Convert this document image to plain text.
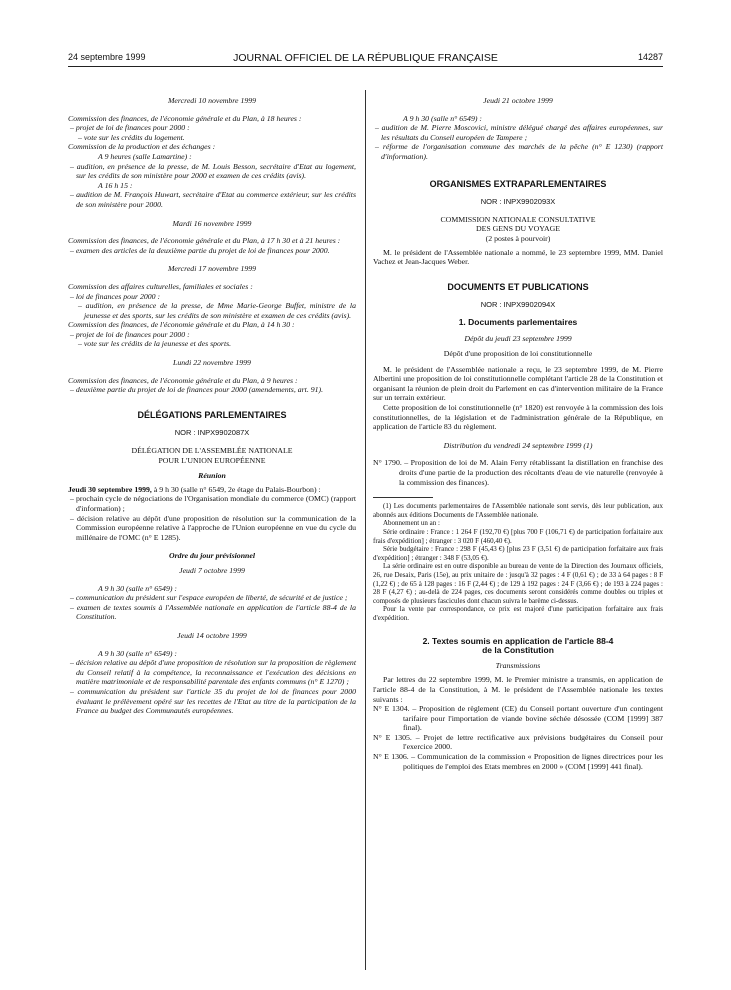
24 septembre 1999	JOURNAL OFFICIEL DE LA RÉPUBLIQUE FRANÇAISE	14287

Mercredi 10 novembre 1999

Commission des finances, de l'économie générale et du Plan, à 18 heures :

– projet de loi de finances pour 2000 :

– vote sur les crédits du logement.

Commission de la production et des échanges :

A 9 heures (salle Lamartine) :

– audition, en présence de la presse, de M. Louis Besson, secrétaire d'Etat au logement, sur les crédits de son ministère pour 2000 et examen de ces crédits (avis).

A 16 h 15 :

– audition de M. François Huwart, secrétaire d'Etat au commerce extérieur, sur les crédits de son ministère pour 2000.

Mardi 16 novembre 1999

Commission des finances, de l'économie générale et du Plan, à 17 h 30 et à 21 heures :

– examen des articles de la deuxième partie du projet de loi de finances pour 2000.

Mercredi 17 novembre 1999

Commission des affaires culturelles, familiales et sociales :

– loi de finances pour 2000 :

– audition, en présence de la presse, de Mme Marie-George Buffet, ministre de la jeunesse et des sports, sur les crédits de son ministère et examen de ces crédits (avis).

Commission des finances, de l'économie générale et du Plan, à 14 h 30 :

– projet de loi de finances pour 2000 :

– vote sur les crédits de la jeunesse et des sports.

Lundi 22 novembre 1999

Commission des finances, de l'économie générale et du Plan, à 9 heures :

– deuxième partie du projet de loi de finances pour 2000 (amendements, art. 91).

DÉLÉGATIONS PARLEMENTAIRES

NOR : INPX9902087X

DÉLÉGATION DE L'ASSEMBLÉE NATIONALE

POUR L'UNION EUROPÉENNE

Réunion

Jeudi 30 septembre 1999, à 9 h 30 (salle n° 6549, 2e étage du Palais-Bourbon) :

– prochain cycle de négociations de l'Organisation mondiale du commerce (OMC) (rapport d'information) ;

– décision relative au dépôt d'une proposition de résolution sur la communication de la Commission européenne relative à l'approche de l'Union européenne en vue du cycle du millénaire de l'OMC (n° E 1285).

Ordre du jour prévisionnel

Jeudi 7 octobre 1999

A 9 h 30 (salle n° 6549) :

– communication du président sur l'espace européen de liberté, de sécurité et de justice ;

– examen de textes soumis à l'Assemblée nationale en application de l'article 88-4 de la Constitution.

Jeudi 14 octobre 1999

A 9 h 30 (salle n° 6549) :

– décision relative au dépôt d'une proposition de résolution sur la proposition de règlement du Conseil relatif à la compétence, la reconnaissance et l'exécution des décisions en matière matrimoniale et de responsabilité parentale des enfants communs (n° E 1270) ;

– communication du président sur l'article 35 du projet de loi de finances pour 2000 évaluant le prélèvement opéré sur les recettes de l'Etat au titre de la participation de la France au budget des Communautés européennes.

Jeudi 21 octobre 1999

A 9 h 30 (salle n° 6549) :

– audition de M. Pierre Moscovici, ministre délégué chargé des affaires européennes, sur les résultats du Conseil européen de Tampere ;

– réforme de l'organisation commune des marchés de la pêche (n° E 1230) (rapport d'information).

ORGANISMES EXTRAPARLEMENTAIRES

NOR : INPX9902093X

COMMISSION NATIONALE CONSULTATIVE

DES GENS DU VOYAGE

(2 postes à pourvoir)

M. le président de l'Assemblée nationale a nommé, le 23 septembre 1999, MM. Daniel Vachez et Jean-Jacques Weber.

DOCUMENTS ET PUBLICATIONS

NOR : INPX9902094X

1. Documents parlementaires

Dépôt du jeudi 23 septembre 1999

Dépôt d'une proposition de loi constitutionnelle

M. le président de l'Assemblée nationale a reçu, le 23 septembre 1999, de M. Pierre Albertini une proposition de loi constitutionnelle complétant l'article 28 de la Constitution et organisant la réunion de plein droit du Parlement en cas d'intervention militaire de la France sur un terrain extérieur.

Cette proposition de loi constitutionnelle (n° 1820) est renvoyée à la commission des lois constitutionnelles, de la législation et de l'administration générale de la République, en application de l'article 83 du règlement.

Distribution du vendredi 24 septembre 1999 (1)

N° 1790. – Proposition de loi de M. Alain Ferry rétablissant la distillation en franchise des droits d'une partie de la production des récoltants d'eau de vie naturelle (renvoyée à la commission des finances).

(1) Les documents parlementaires de l'Assemblée nationale sont servis, dès leur publication, aux abonnés aux éditions Documents de l'Assemblée nationale.

Abonnement un an :

Série ordinaire : France : 1 264 F (192,70 €) [plus 700 F (106,71 €) de participation forfaitaire aux frais d'expédition] ; étranger : 3 020 F (460,40 €).

Série budgétaire : France : 298 F (45,43 €) [plus 23 F (3,51 €) de participation forfaitaire aux frais d'expédition] ; étranger : 348 F (53,05 €).

La série ordinaire est en outre disponible au bureau de vente de la Direction des Journaux officiels, 26, rue Desaix, Paris (15e), au prix unitaire de : jusqu'à 32 pages : 4 F (0,61 €) ; de 33 à 64 pages : 8 F (1,22 €) ; de 65 à 128 pages : 16 F (2,44 €) ; de 129 à 192 pages : 24 F (3,66 €) ; de 193 à 224 pages : 28 F (4,27 €) ; au-delà de 224 pages, ces documents seront considérés comme doubles ou triples et composés de plusieurs fascicules dont chacun suivra le barème ci-dessus.

Pour la vente par correspondance, ce prix est majoré d'une participation forfaitaire aux frais d'expédition.

2. Textes soumis en application de l'article 88-4

de la Constitution

Transmissions

Par lettres du 22 septembre 1999, M. le Premier ministre a transmis, en application de l'article 88-4 de la Constitution, à M. le président de l'Assemblée nationale les textes suivants :

N° E 1304. – Proposition de règlement (CE) du Conseil portant ouverture d'un contingent tarifaire pour l'importation de viande bovine séchée désossée (COM [1999] 387 final).

N° E 1305. – Projet de lettre rectificative aux prévisions budgétaires du Conseil pour l'exercice 2000.

N° E 1306. – Communication de la commission « Proposition de lignes directrices pour les politiques de l'emploi des Etats membres en 2000 » (COM [1999] 441 final).
